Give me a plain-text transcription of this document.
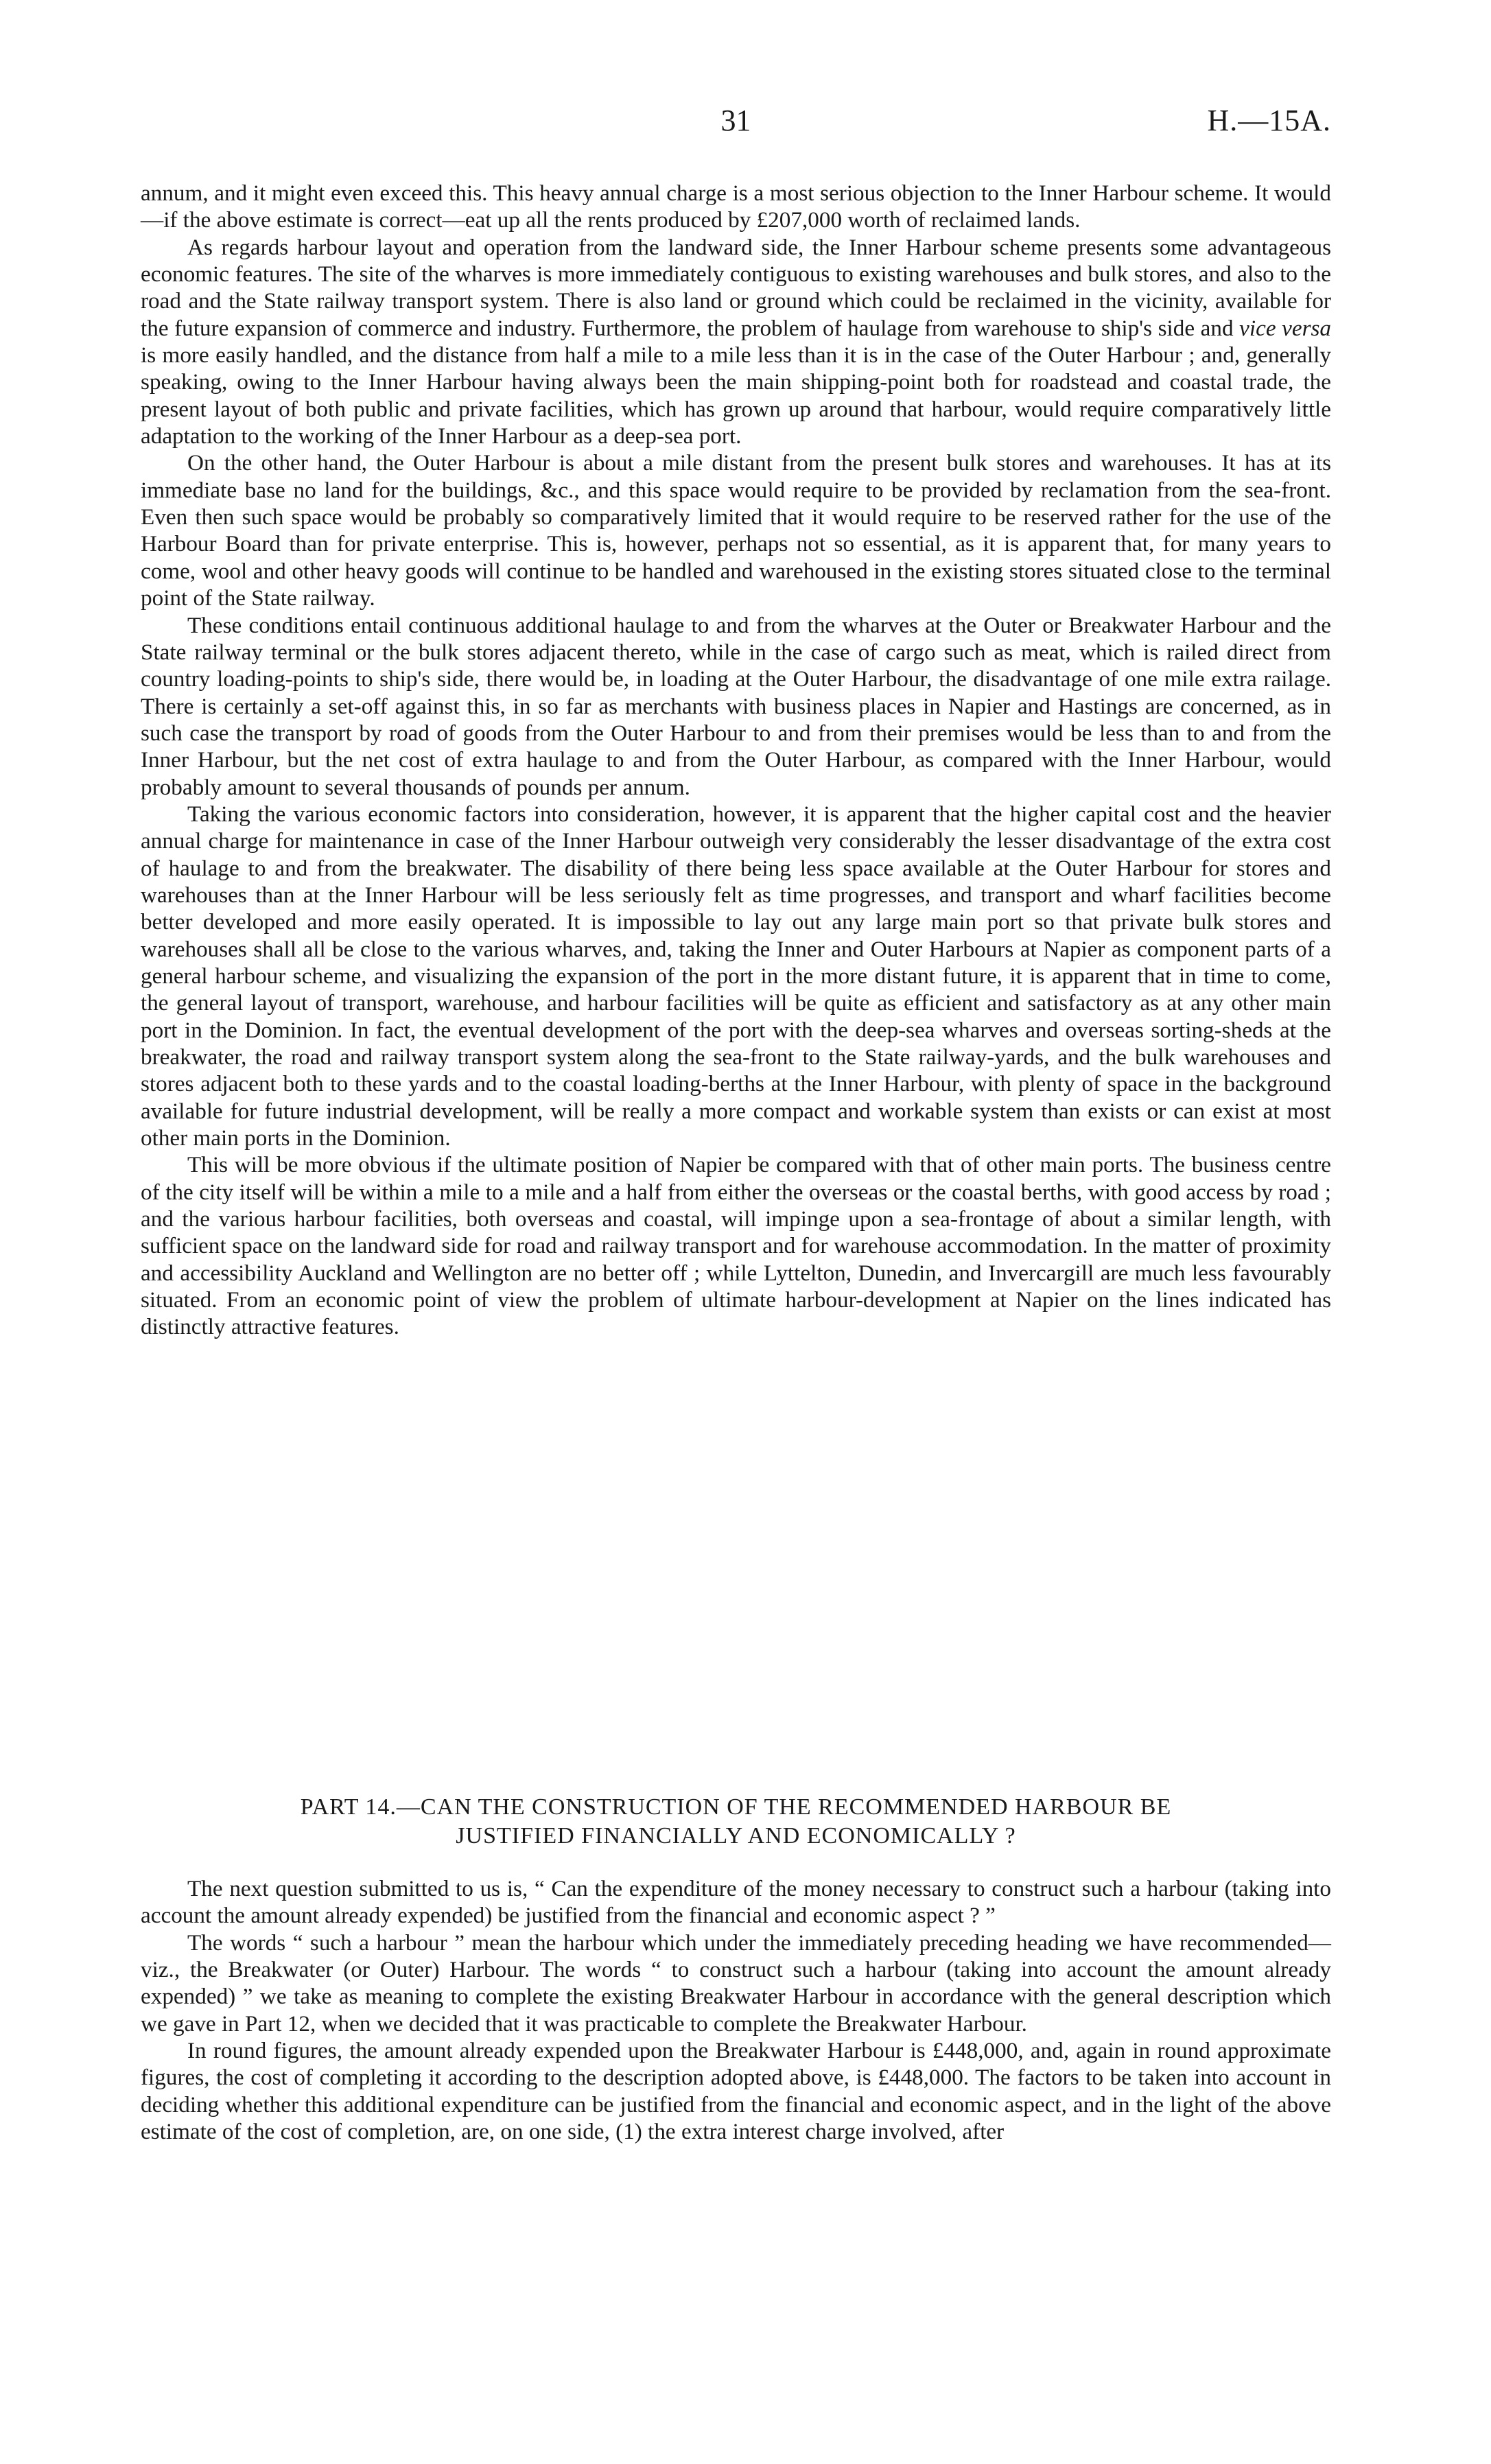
31	H.—15A.

annum, and it might even exceed this. This heavy annual charge is a most serious objection to the Inner Harbour scheme. It would—if the above estimate is correct—eat up all the rents produced by £207,000 worth of reclaimed lands.

As regards harbour layout and operation from the landward side, the Inner Harbour scheme presents some advantageous economic features. The site of the wharves is more immediately contiguous to existing warehouses and bulk stores, and also to the road and the State railway transport system. There is also land or ground which could be reclaimed in the vicinity, available for the future expansion of commerce and industry. Furthermore, the problem of haulage from warehouse to ship's side and vice versa is more easily handled, and the distance from half a mile to a mile less than it is in the case of the Outer Harbour ; and, generally speaking, owing to the Inner Harbour having always been the main shipping-point both for roadstead and coastal trade, the present layout of both public and private facilities, which has grown up around that harbour, would require comparatively little adaptation to the working of the Inner Harbour as a deep-sea port.

On the other hand, the Outer Harbour is about a mile distant from the present bulk stores and warehouses. It has at its immediate base no land for the buildings, &c., and this space would require to be provided by reclamation from the sea-front. Even then such space would be probably so comparatively limited that it would require to be reserved rather for the use of the Harbour Board than for private enterprise. This is, however, perhaps not so essential, as it is apparent that, for many years to come, wool and other heavy goods will continue to be handled and warehoused in the existing stores situated close to the terminal point of the State railway.

These conditions entail continuous additional haulage to and from the wharves at the Outer or Breakwater Harbour and the State railway terminal or the bulk stores adjacent thereto, while in the case of cargo such as meat, which is railed direct from country loading-points to ship's side, there would be, in loading at the Outer Harbour, the disadvantage of one mile extra railage. There is certainly a set-off against this, in so far as merchants with business places in Napier and Hastings are concerned, as in such case the transport by road of goods from the Outer Harbour to and from their premises would be less than to and from the Inner Harbour, but the net cost of extra haulage to and from the Outer Harbour, as compared with the Inner Harbour, would probably amount to several thousands of pounds per annum.

Taking the various economic factors into consideration, however, it is apparent that the higher capital cost and the heavier annual charge for maintenance in case of the Inner Harbour outweigh very considerably the lesser disadvantage of the extra cost of haulage to and from the breakwater. The disability of there being less space available at the Outer Harbour for stores and warehouses than at the Inner Harbour will be less seriously felt as time progresses, and transport and wharf facilities become better developed and more easily operated. It is impossible to lay out any large main port so that private bulk stores and warehouses shall all be close to the various wharves, and, taking the Inner and Outer Harbours at Napier as component parts of a general harbour scheme, and visualizing the expansion of the port in the more distant future, it is apparent that in time to come, the general layout of transport, warehouse, and harbour facilities will be quite as efficient and satisfactory as at any other main port in the Dominion. In fact, the eventual development of the port with the deep-sea wharves and overseas sorting-sheds at the breakwater, the road and railway transport system along the sea-front to the State railway-yards, and the bulk warehouses and stores adjacent both to these yards and to the coastal loading-berths at the Inner Harbour, with plenty of space in the background available for future industrial development, will be really a more compact and workable system than exists or can exist at most other main ports in the Dominion.

This will be more obvious if the ultimate position of Napier be compared with that of other main ports. The business centre of the city itself will be within a mile to a mile and a half from either the overseas or the coastal berths, with good access by road ; and the various harbour facilities, both overseas and coastal, will impinge upon a sea-frontage of about a similar length, with sufficient space on the landward side for road and railway transport and for warehouse accommodation. In the matter of proximity and accessibility Auckland and Wellington are no better off ; while Lyttelton, Dunedin, and Invercargill are much less favourably situated. From an economic point of view the problem of ultimate harbour-development at Napier on the lines indicated has distinctly attractive features.

PART 14.—CAN THE CONSTRUCTION OF THE RECOMMENDED HARBOUR BE
JUSTIFIED FINANCIALLY AND ECONOMICALLY ?

The next question submitted to us is, “ Can the expenditure of the money necessary to construct such a harbour (taking into account the amount already expended) be justified from the financial and economic aspect ? ”

The words “ such a harbour ” mean the harbour which under the immediately preceding heading we have recommended—viz., the Breakwater (or Outer) Harbour. The words “ to construct such a harbour (taking into account the amount already expended) ” we take as meaning to complete the existing Breakwater Harbour in accordance with the general description which we gave in Part 12, when we decided that it was practicable to complete the Breakwater Harbour.

In round figures, the amount already expended upon the Breakwater Harbour is £448,000, and, again in round approximate figures, the cost of completing it according to the description adopted above, is £448,000. The factors to be taken into account in deciding whether this additional expenditure can be justified from the financial and economic aspect, and in the light of the above estimate of the cost of completion, are, on one side, (1) the extra interest charge involved, after
